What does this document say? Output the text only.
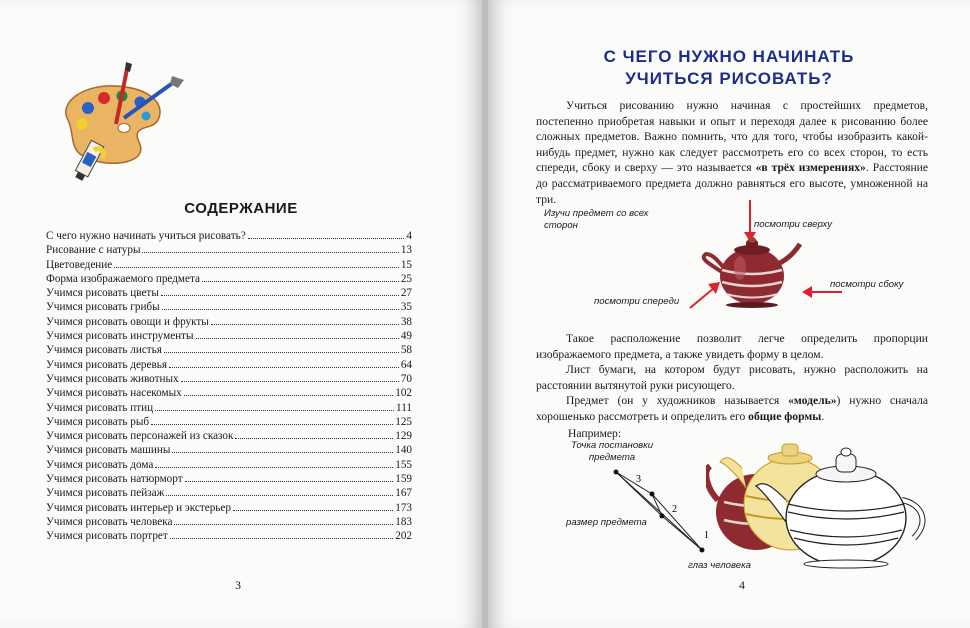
СОДЕРЖАНИЕ
С чего нужно начинать учиться рисовать?	4
Рисование с натуры	13
Цветоведение	15
Форма изображаемого предмета	25
Учимся рисовать цветы	27
Учимся рисовать грибы	35
Учимся рисовать овощи и фрукты	38
Учимся рисовать инструменты	49
Учимся рисовать листья	58
Учимся рисовать деревья	64
Учимся рисовать животных	70
Учимся рисовать насекомых	102
Учимся рисовать птиц	111
Учимся рисовать рыб	125
Учимся рисовать персонажей из сказок	129
Учимся рисовать машины	140
Учимся рисовать дома	155
Учимся рисовать натюрморт	159
Учимся рисовать пейзаж	167
Учимся рисовать интерьер и экстерьер	173
Учимся рисовать человека	183
Учимся рисовать портрет	202
3
С ЧЕГО НУЖНО НАЧИНАТЬ
УЧИТЬСЯ РИСОВАТЬ?

Учиться рисованию нужно начиная с простейших предметов, постепенно приобретая навыки и опыт и переходя далее к рисованию более сложных предметов. Важно помнить, что для того, чтобы изобразить какой-нибудь предмет, нужно как следует рассмотреть его со всех сторон, то есть спереди, сбоку и сверху — это называется «в трёх измерениях». Расстояние до рассматриваемого предмета должно равняться его высоте, умноженной на три.

Изучи предмет со всех сторон	посмотри сверху
посмотри сбоку
посмотри спереди

Такое расположение позволит легче определить пропорции изображаемого предмета, а также увидеть форму в целом.

Лист бумаги, на котором будут рисовать, нужно расположить на расстоянии вытянутой руки рисующего.

Предмет (он у художников называется «модель») нужно сначала хорошенько рассмотреть и определить его общие формы.

Например:
Точка постановки предмета
размер предмета
глаз человека
3
2
1
4
